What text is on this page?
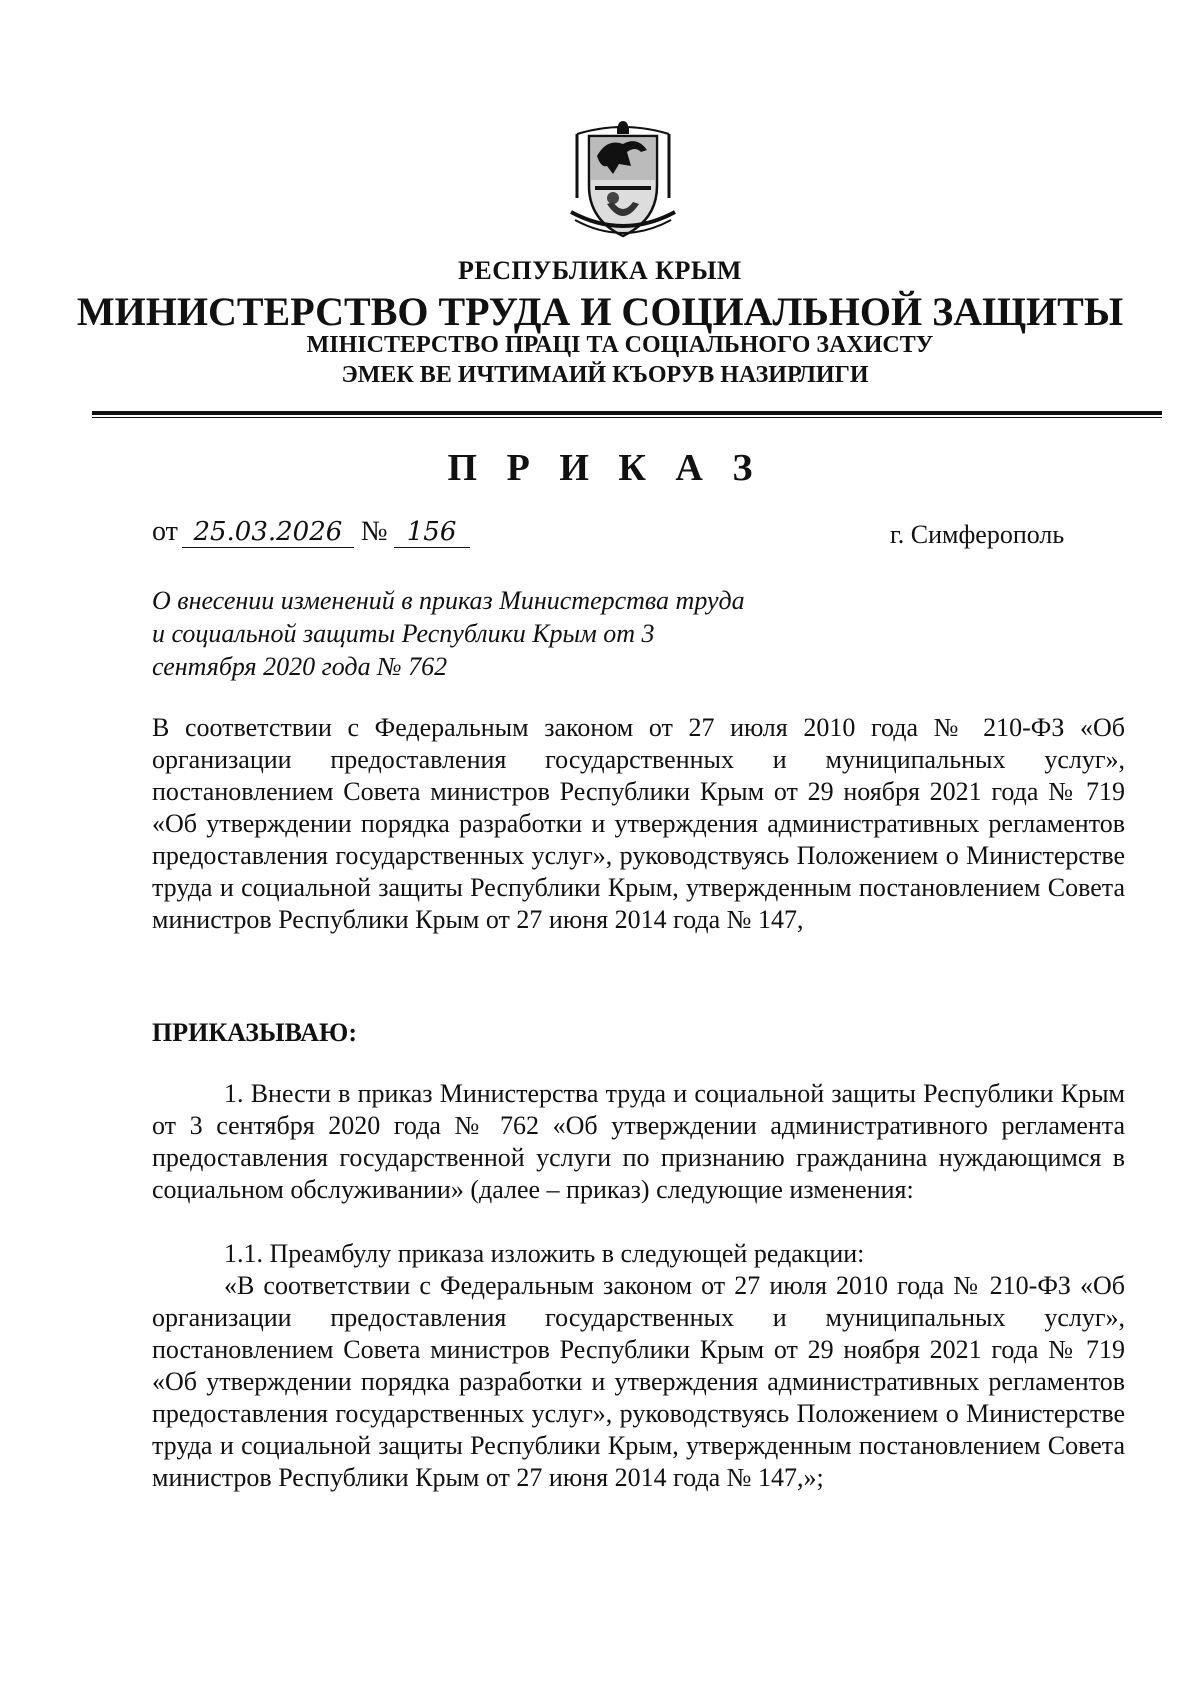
РЕСПУБЛИКА КРЫМ
МИНИСТЕРСТВО ТРУДА И СОЦИАЛЬНОЙ ЗАЩИТЫ
МІНІСТЕРСТВО ПРАЦІ ТА СОЦІАЛЬНОГО ЗАХИСТУ
ЭМЕК ВЕ ИЧТИМАИЙ КЪОРУВ НАЗИРЛИГИ
П Р И К А З
от 25.03.2026 № 156	г. Симферополь
О внесении изменений в приказ Министерства труда и социальной защиты Республики Крым от 3 сентября 2020 года № 762
В соответствии с Федеральным законом от 27 июля 2010 года № 210-ФЗ «Об организации предоставления государственных и муниципальных услуг», постановлением Совета министров Республики Крым от 29 ноября 2021 года № 719 «Об утверждении порядка разработки и утверждения административных регламентов предоставления государственных услуг», руководствуясь Положением о Министерстве труда и социальной защиты Республики Крым, утвержденным постановлением Совета министров Республики Крым от 27 июня 2014 года № 147,
ПРИКАЗЫВАЮ:
1. Внести в приказ Министерства труда и социальной защиты Республики Крым от 3 сентября 2020 года № 762 «Об утверждении административного регламента предоставления государственной услуги по признанию гражданина нуждающимся в социальном обслуживании» (далее – приказ) следующие изменения:
1.1. Преамбулу приказа изложить в следующей редакции:
«В соответствии с Федеральным законом от 27 июля 2010 года № 210-ФЗ «Об организации предоставления государственных и муниципальных услуг», постановлением Совета министров Республики Крым от 29 ноября 2021 года № 719 «Об утверждении порядка разработки и утверждения административных регламентов предоставления государственных услуг», руководствуясь Положением о Министерстве труда и социальной защиты Республики Крым, утвержденным постановлением Совета министров Республики Крым от 27 июня 2014 года № 147,»;
